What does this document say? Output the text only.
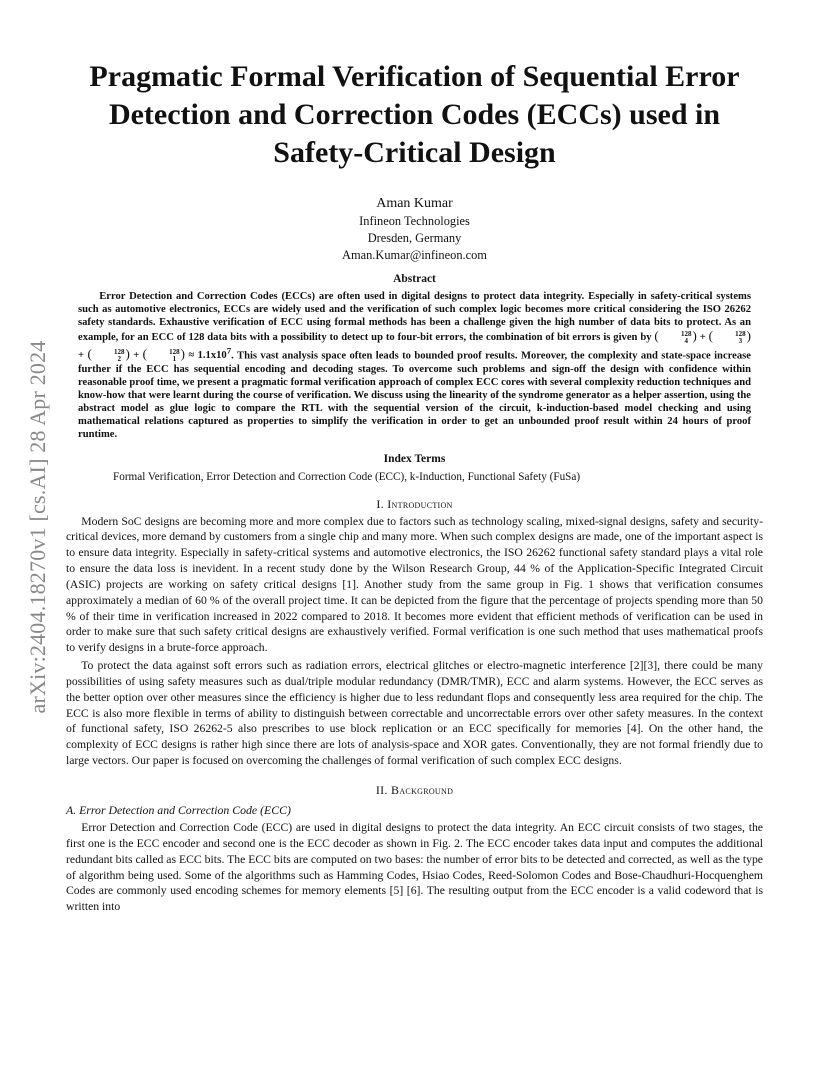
arXiv:2404.18270v1 [cs.AI] 28 Apr 2024
Pragmatic Formal Verification of Sequential Error Detection and Correction Codes (ECCs) used in Safety-Critical Design
Aman Kumar
Infineon Technologies
Dresden, Germany
Aman.Kumar@infineon.com
Abstract
Error Detection and Correction Codes (ECCs) are often used in digital designs to protect data integrity. Especially in safety-critical systems such as automotive electronics, ECCs are widely used and the verification of such complex logic becomes more critical considering the ISO 26262 safety standards. Exhaustive verification of ECC using formal methods has been a challenge given the high number of data bits to protect. As an example, for an ECC of 128 data bits with a possibility to detect up to four-bit errors, the combination of bit errors is given by (	128
4 ) + (	128
3 ) + (	128
2 ) + (	128
1 ) ≈ $1.1x10^7$. This vast analysis space often leads to bounded proof results. Moreover, the complexity and state-space increase further if the ECC has sequential encoding and decoding stages. To overcome such problems and sign-off the design with confidence within reasonable proof time, we present a pragmatic formal verification approach of complex ECC cores with several complexity reduction techniques and know-how that were learnt during the course of verification. We discuss using the linearity of the syndrome generator as a helper assertion, using the abstract model as glue logic to compare the RTL with the sequential version of the circuit, k-induction-based model checking and using mathematical relations captured as properties to simplify the verification in order to get an unbounded proof result within 24 hours of proof runtime.
Index Terms
Formal Verification, Error Detection and Correction Code (ECC), k-Induction, Functional Safety (FuSa)
I. Introduction

Modern SoC designs are becoming more and more complex due to factors such as technology scaling, mixed-signal designs, safety and security-critical devices, more demand by customers from a single chip and many more. When such complex designs are made, one of the important aspect is to ensure data integrity. Especially in safety-critical systems and automotive electronics, the ISO 26262 functional safety standard plays a vital role to ensure the data loss is inevident. In a recent study done by the Wilson Research Group, 44 % of the Application-Specific Integrated Circuit (ASIC) projects are working on safety critical designs [1]. Another study from the same group in Fig. 1 shows that verification consumes approximately a median of 60 % of the overall project time. It can be depicted from the figure that the percentage of projects spending more than 50 % of their time in verification increased in 2022 compared to 2018. It becomes more evident that efficient methods of verification can be used in order to make sure that such safety critical designs are exhaustively verified. Formal verification is one such method that uses mathematical proofs to verify designs in a brute-force approach.

To protect the data against soft errors such as radiation errors, electrical glitches or electro-magnetic interference [2][3], there could be many possibilities of using safety measures such as dual/triple modular redundancy (DMR/TMR), ECC and alarm systems. However, the ECC serves as the better option over other measures since the efficiency is higher due to less redundant flops and consequently less area required for the chip. The ECC is also more flexible in terms of ability to distinguish between correctable and uncorrectable errors over other safety measures. In the context of functional safety, ISO 26262-5 also prescribes to use block replication or an ECC specifically for memories [4]. On the other hand, the complexity of ECC designs is rather high since there are lots of analysis-space and XOR gates. Conventionally, they are not formal friendly due to large vectors. Our paper is focused on overcoming the challenges of formal verification of such complex ECC designs.

II. Background
A. Error Detection and Correction Code (ECC)

Error Detection and Correction Code (ECC) are used in digital designs to protect the data integrity. An ECC circuit consists of two stages, the first one is the ECC encoder and second one is the ECC decoder as shown in Fig. 2. The ECC encoder takes data input and computes the additional redundant bits called as ECC bits. The ECC bits are computed on two bases: the number of error bits to be detected and corrected, as well as the type of algorithm being used. Some of the algorithms such as Hamming Codes, Hsiao Codes, Reed-Solomon Codes and Bose-Chaudhuri-Hocquenghem Codes are commonly used encoding schemes for memory elements [5] [6]. The resulting output from the ECC encoder is a valid codeword that is written into
